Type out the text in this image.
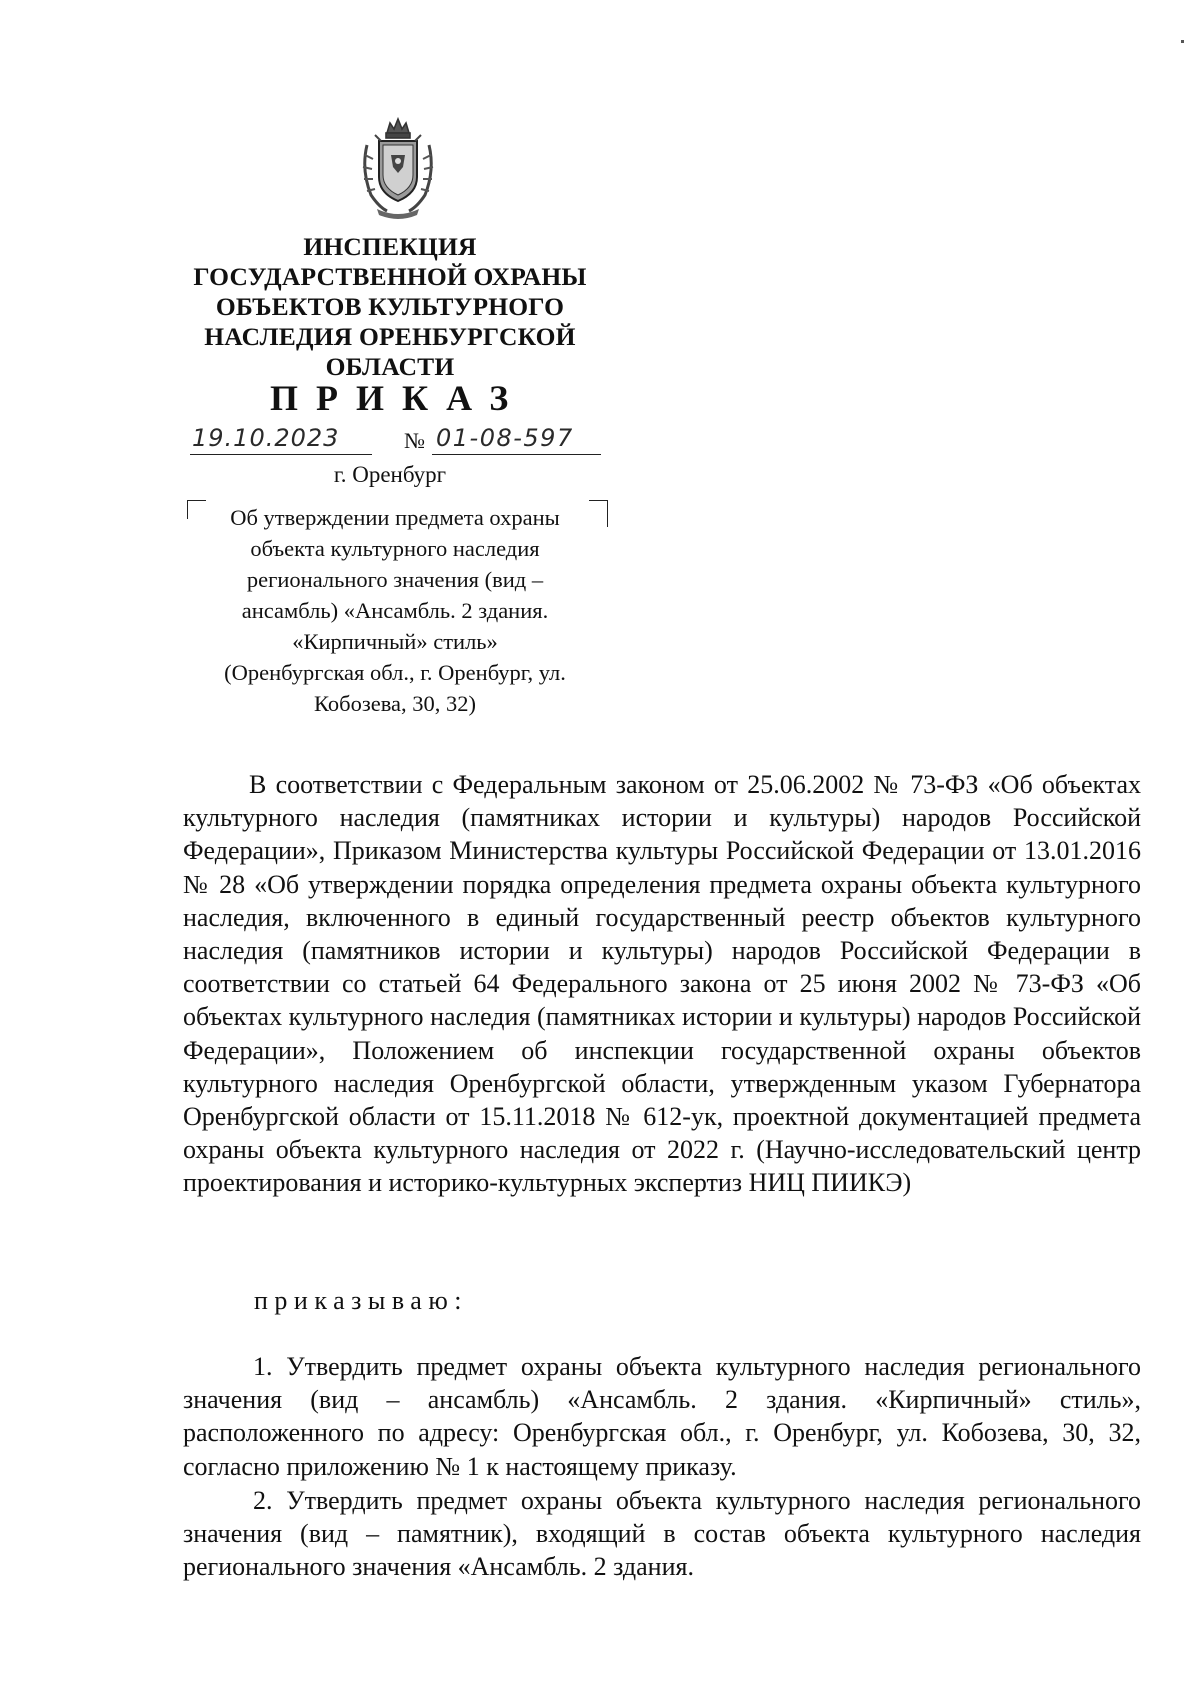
ИНСПЕКЦИЯ
ГОСУДАРСТВЕННОЙ ОХРАНЫ
ОБЪЕКТОВ КУЛЬТУРНОГО
НАСЛЕДИЯ ОРЕНБУРГСКОЙ
ОБЛАСТИ
ПРИКАЗ
19.10.2023	№ 01-08-597
г. Оренбург
Об утверждении предмета охраны
объекта культурного наследия
регионального значения (вид –
ансамбль) «Ансамбль. 2 здания.
«Кирпичный» стиль»
(Оренбургская обл., г. Оренбург, ул.
Кобозева, 30, 32)
В соответствии с Федеральным законом от 25.06.2002 № 73-ФЗ «Об объектах культурного наследия (памятниках истории и культуры) народов Российской Федерации», Приказом Министерства культуры Российской Федерации от 13.01.2016 № 28 «Об утверждении порядка определения предмета охраны объекта культурного наследия, включенного в единый государственный реестр объектов культурного наследия (памятников истории и культуры) народов Российской Федерации в соответствии со статьей 64 Федерального закона от 25 июня 2002 № 73-ФЗ «Об объектах культурного наследия (памятниках истории и культуры) народов Российской Федерации», Положением об инспекции государственной охраны объектов культурного наследия Оренбургской области, утвержденным указом Губернатора Оренбургской области от 15.11.2018 № 612-ук, проектной документацией предмета охраны объекта культурного наследия от 2022 г. (Научно-исследовательский центр проектирования и историко-культурных экспертиз НИЦ ПИИКЭ)
приказываю:
1. Утвердить предмет охраны объекта культурного наследия регионального значения (вид – ансамбль) «Ансамбль. 2 здания. «Кирпичный» стиль», расположенного по адресу: Оренбургская обл., г. Оренбург, ул. Кобозева, 30, 32, согласно приложению № 1 к настоящему приказу.
2. Утвердить предмет охраны объекта культурного наследия регионального значения (вид – памятник), входящий в состав объекта культурного наследия регионального значения «Ансамбль. 2 здания.
